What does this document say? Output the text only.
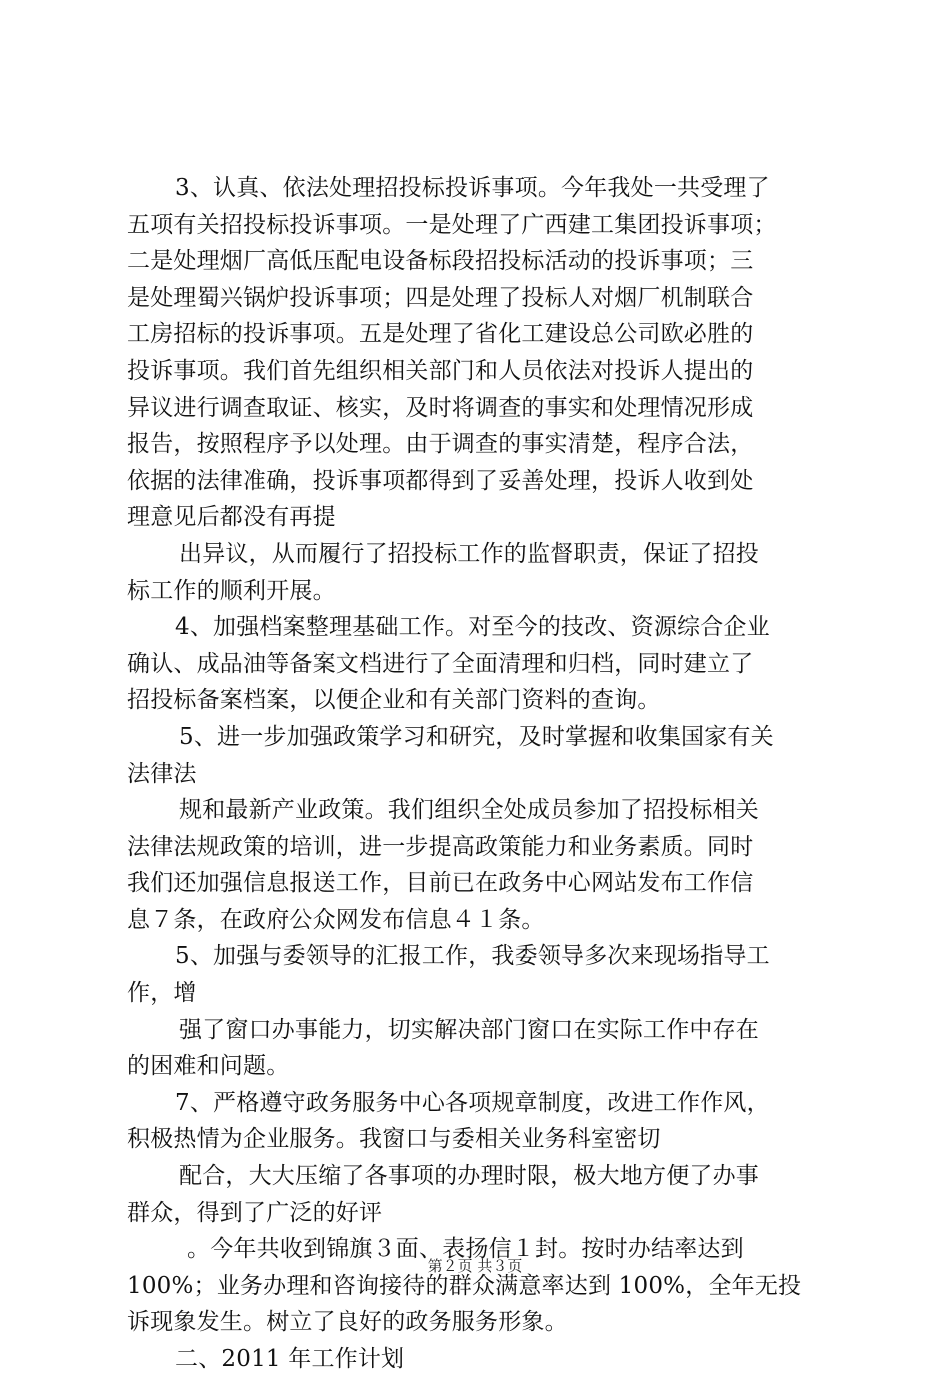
3、认真、依法处理招投标投诉事项。今年我处一共受理了
五项有关招投标投诉事项。一是处理了广西建工集团投诉事项；
二是处理烟厂高低压配电设备标段招投标活动的投诉事项；三
是处理蜀兴锅炉投诉事项；四是处理了投标人对烟厂机制联合
工房招标的投诉事项。五是处理了省化工建设总公司欧必胜的
投诉事项。我们首先组织相关部门和人员依法对投诉人提出的
异议进行调查取证、核实，及时将调查的事实和处理情况形成
报告，按照程序予以处理。由于调查的事实清楚，程序合法，
依据的法律准确，投诉事项都得到了妥善处理，投诉人收到处
理意见后都没有再提
出异议，从而履行了招投标工作的监督职责，保证了招投
标工作的顺利开展。
4、加强档案整理基础工作。对至今的技改、资源综合企业
确认、成品油等备案文档进行了全面清理和归档，同时建立了
招投标备案档案，以便企业和有关部门资料的查询。
5、进一步加强政策学习和研究，及时掌握和收集国家有关
法律法
规和最新产业政策。我们组织全处成员参加了招投标相关
法律法规政策的培训，进一步提高政策能力和业务素质。同时
我们还加强信息报送工作，目前已在政务中心网站发布工作信
息７条，在政府公众网发布信息４１条。
5、加强与委领导的汇报工作，我委领导多次来现场指导工
作，增
强了窗口办事能力，切实解决部门窗口在实际工作中存在
的困难和问题。
7、严格遵守政务服务中心各项规章制度，改进工作作风，
积极热情为企业服务。我窗口与委相关业务科室密切
配合，大大压缩了各事项的办理时限，极大地方便了办事
群众，得到了广泛的好评
。今年共收到锦旗３面、表扬信１封。按时办结率达到
100%；业务办理和咨询接待的群众满意率达到 100%，全年无投
诉现象发生。树立了良好的政务服务形象。
二、2011 年工作计划
第２页 共３页
